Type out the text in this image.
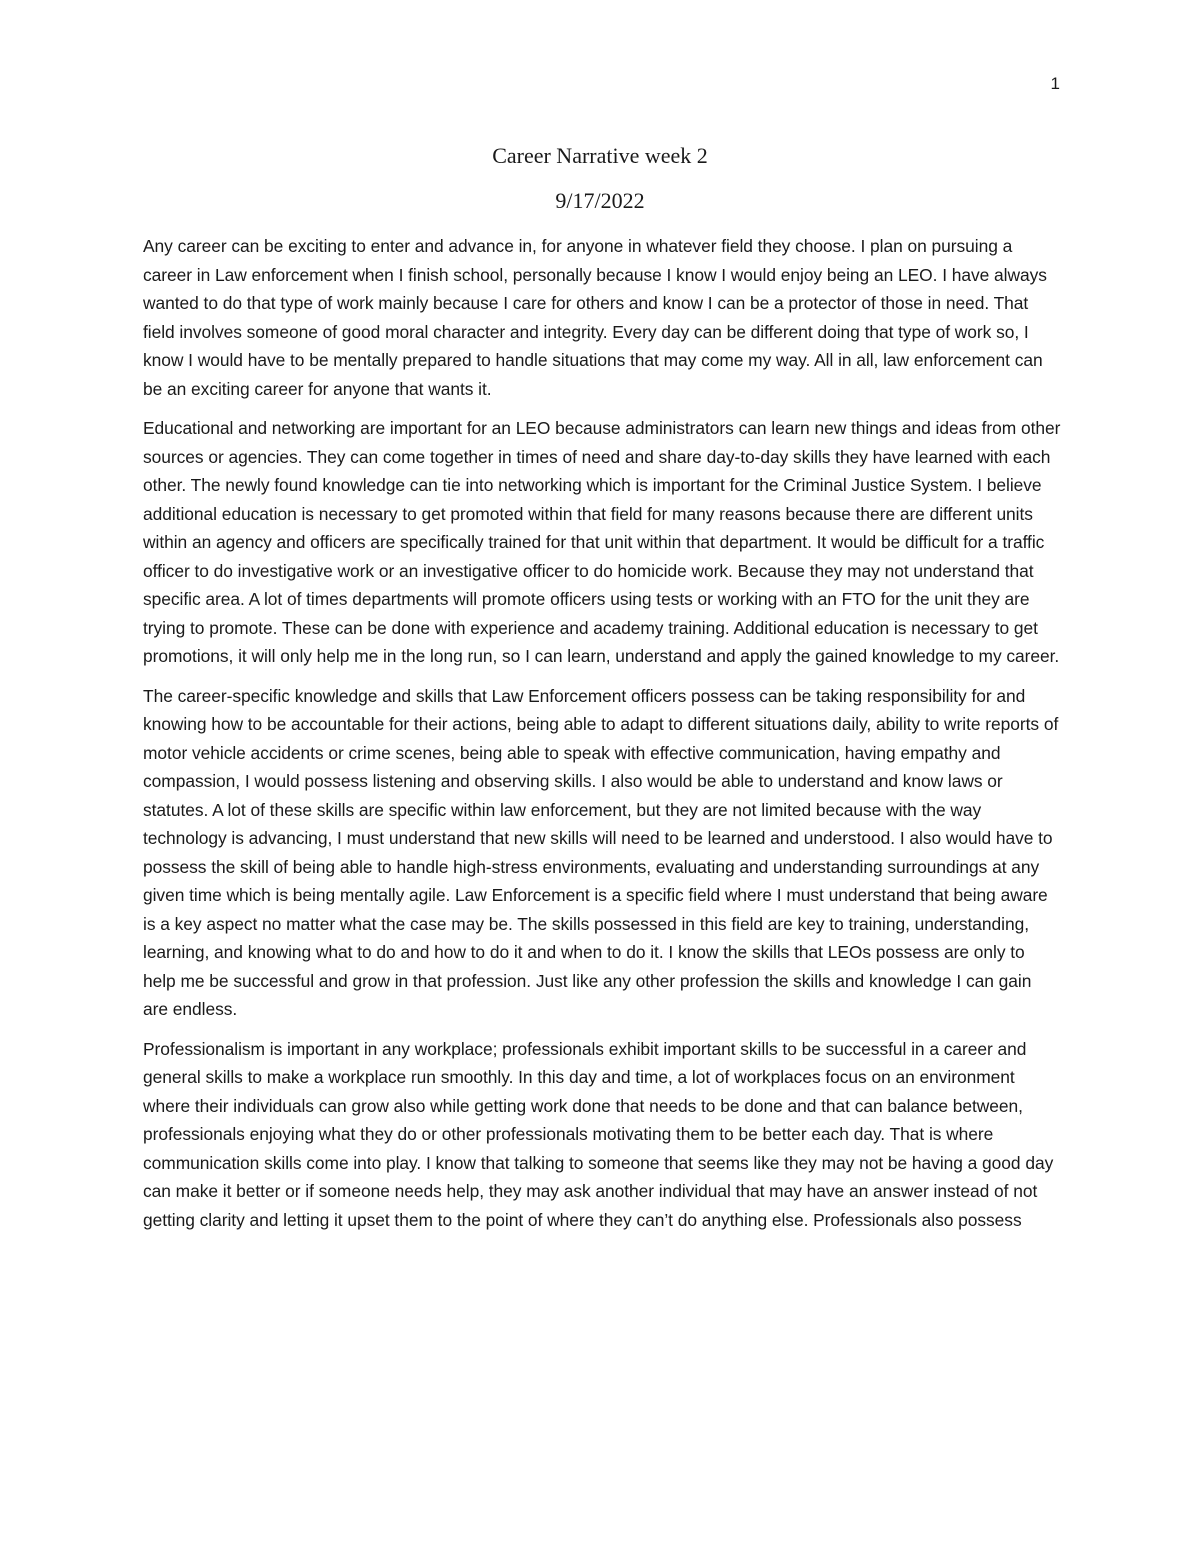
1
Career Narrative week 2
9/17/2022

Any career can be exciting to enter and advance in, for anyone in whatever field they choose. I plan on pursuing a career in Law enforcement when I finish school, personally because I know I would enjoy being an LEO. I have always wanted to do that type of work mainly because I care for others and know I can be a protector of those in need. That field involves someone of good moral character and integrity. Every day can be different doing that type of work so, I know I would have to be mentally prepared to handle situations that may come my way. All in all, law enforcement can be an exciting career for anyone that wants it.

Educational and networking are important for an LEO because administrators can learn new things and ideas from other sources or agencies. They can come together in times of need and share day-to-day skills they have learned with each other. The newly found knowledge can tie into networking which is important for the Criminal Justice System. I believe additional education is necessary to get promoted within that field for many reasons because there are different units within an agency and officers are specifically trained for that unit within that department. It would be difficult for a traffic officer to do investigative work or an investigative officer to do homicide work. Because they may not understand that specific area. A lot of times departments will promote officers using tests or working with an FTO for the unit they are trying to promote. These can be done with experience and academy training. Additional education is necessary to get promotions, it will only help me in the long run, so I can learn, understand and apply the gained knowledge to my career.

The career-specific knowledge and skills that Law Enforcement officers possess can be taking responsibility for and knowing how to be accountable for their actions, being able to adapt to different situations daily, ability to write reports of motor vehicle accidents or crime scenes, being able to speak with effective communication, having empathy and compassion, I would possess listening and observing skills. I also would be able to understand and know laws or statutes. A lot of these skills are specific within law enforcement, but they are not limited because with the way technology is advancing, I must understand that new skills will need to be learned and understood. I also would have to possess the skill of being able to handle high-stress environments, evaluating and understanding surroundings at any given time which is being mentally agile. Law Enforcement is a specific field where I must understand that being aware is a key aspect no matter what the case may be. The skills possessed in this field are key to training, understanding, learning, and knowing what to do and how to do it and when to do it. I know the skills that LEOs possess are only to help me be successful and grow in that profession. Just like any other profession the skills and knowledge I can gain are endless.

Professionalism is important in any workplace; professionals exhibit important skills to be successful in a career and general skills to make a workplace run smoothly. In this day and time, a lot of workplaces focus on an environment where their individuals can grow also while getting work done that needs to be done and that can balance between, professionals enjoying what they do or other professionals motivating them to be better each day. That is where communication skills come into play. I know that talking to someone that seems like they may not be having a good day can make it better or if someone needs help, they may ask another individual that may have an answer instead of not getting clarity and letting it upset them to the point of where they can’t do anything else. Professionals also possess
